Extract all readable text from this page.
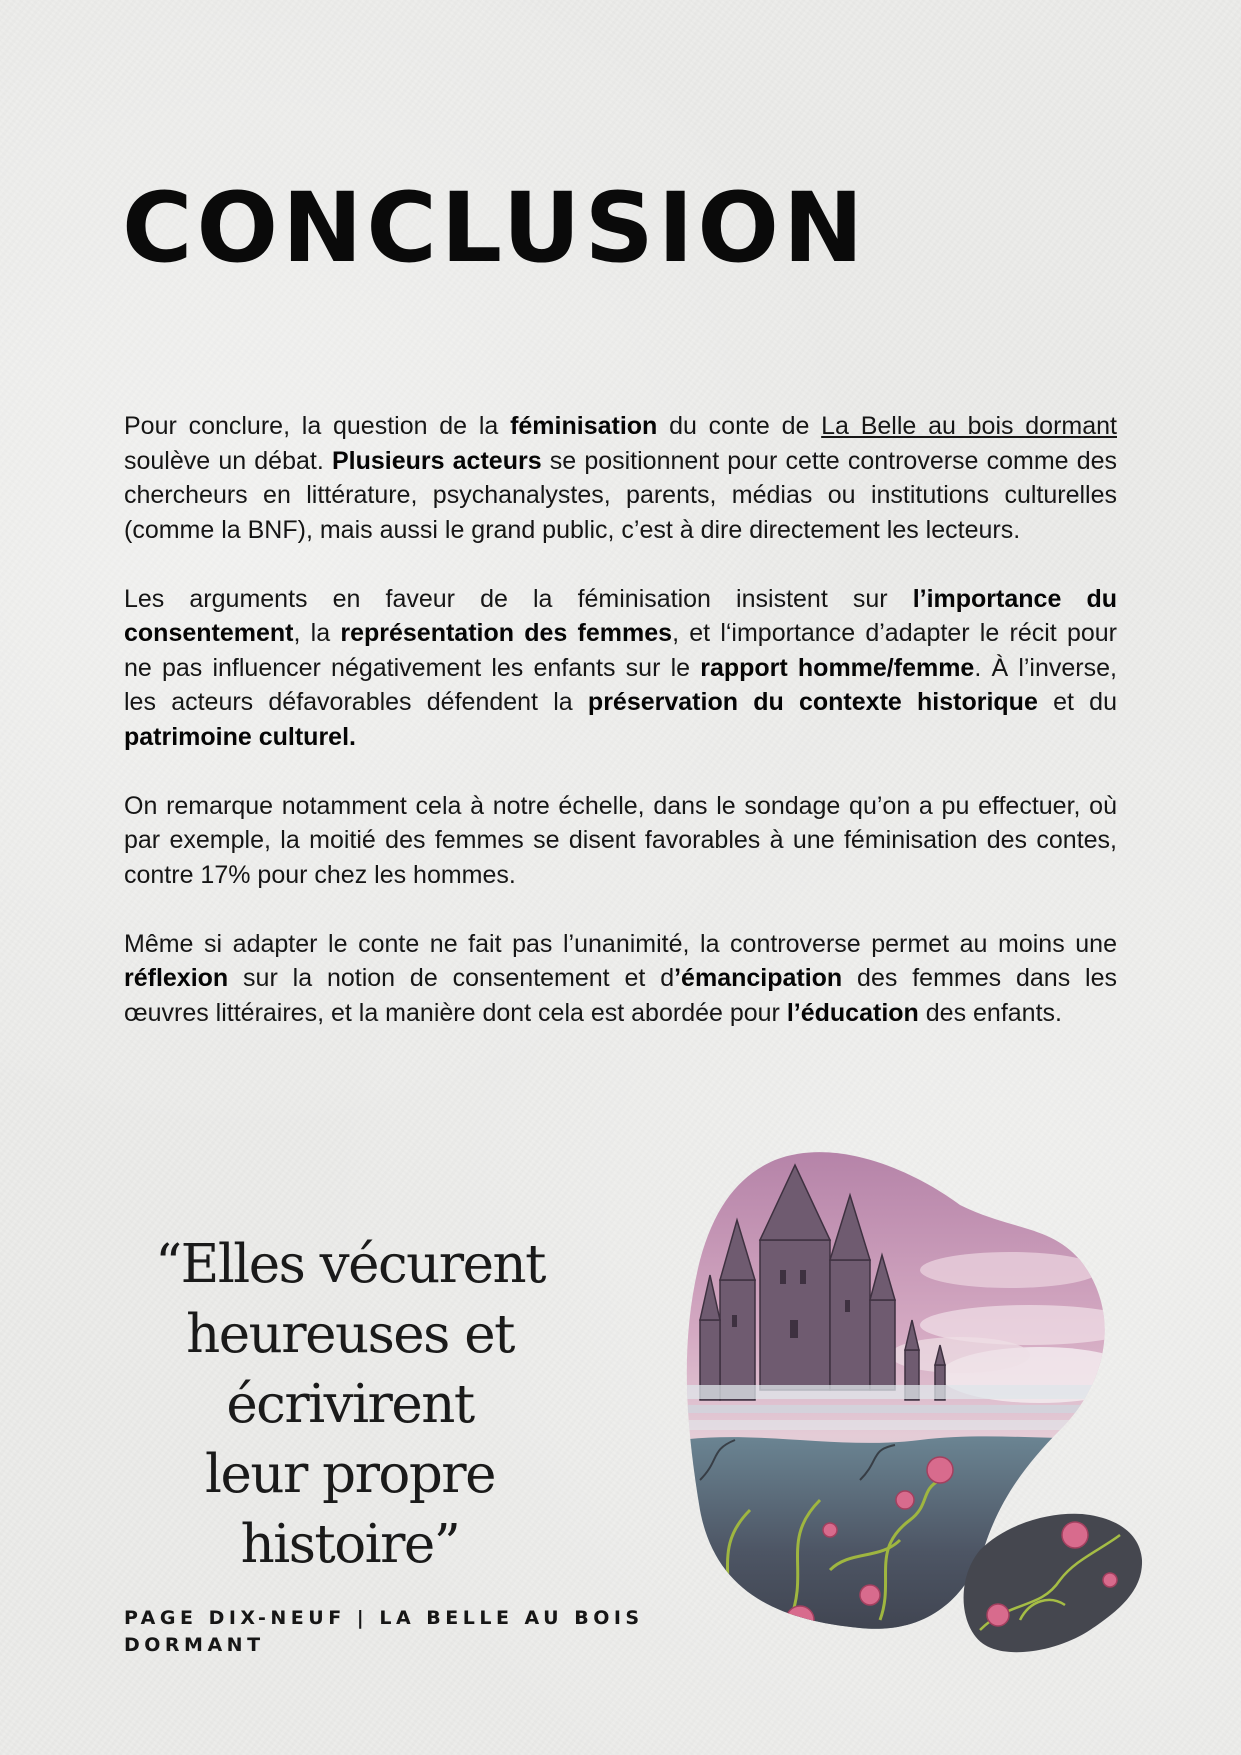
CONCLUSION

Pour conclure, la question de la féminisation du conte de La Belle au bois dormant soulève un débat. Plusieurs acteurs se positionnent pour cette controverse comme des chercheurs en littérature, psychanalystes, parents, médias ou institutions culturelles (comme la BNF), mais aussi le grand public, c’est à dire directement les lecteurs.

Les arguments en faveur de la féminisation insistent sur l’importance du consentement, la représentation des femmes, et l‘importance d’adapter le récit pour ne pas influencer négativement les enfants sur le rapport homme/femme. À l’inverse, les acteurs défavorables défendent la préservation du contexte historique et du patrimoine culturel.

On remarque notamment cela à notre échelle, dans le sondage qu’on a pu effectuer, où par exemple, la moitié des femmes se disent favorables à une féminisation des contes, contre 17% pour chez les hommes.

Même si adapter le conte ne fait pas l’unanimité, la controverse permet au moins une réflexion sur la notion de consentement et d’émancipation des femmes dans les œuvres littéraires, et la manière dont cela est abordée pour l’éducation des enfants.

“Elles vécurent
heureuses et écrivirent
leur propre histoire”
PAGE DIX-NEUF | LA BELLE AU BOIS DORMANT
